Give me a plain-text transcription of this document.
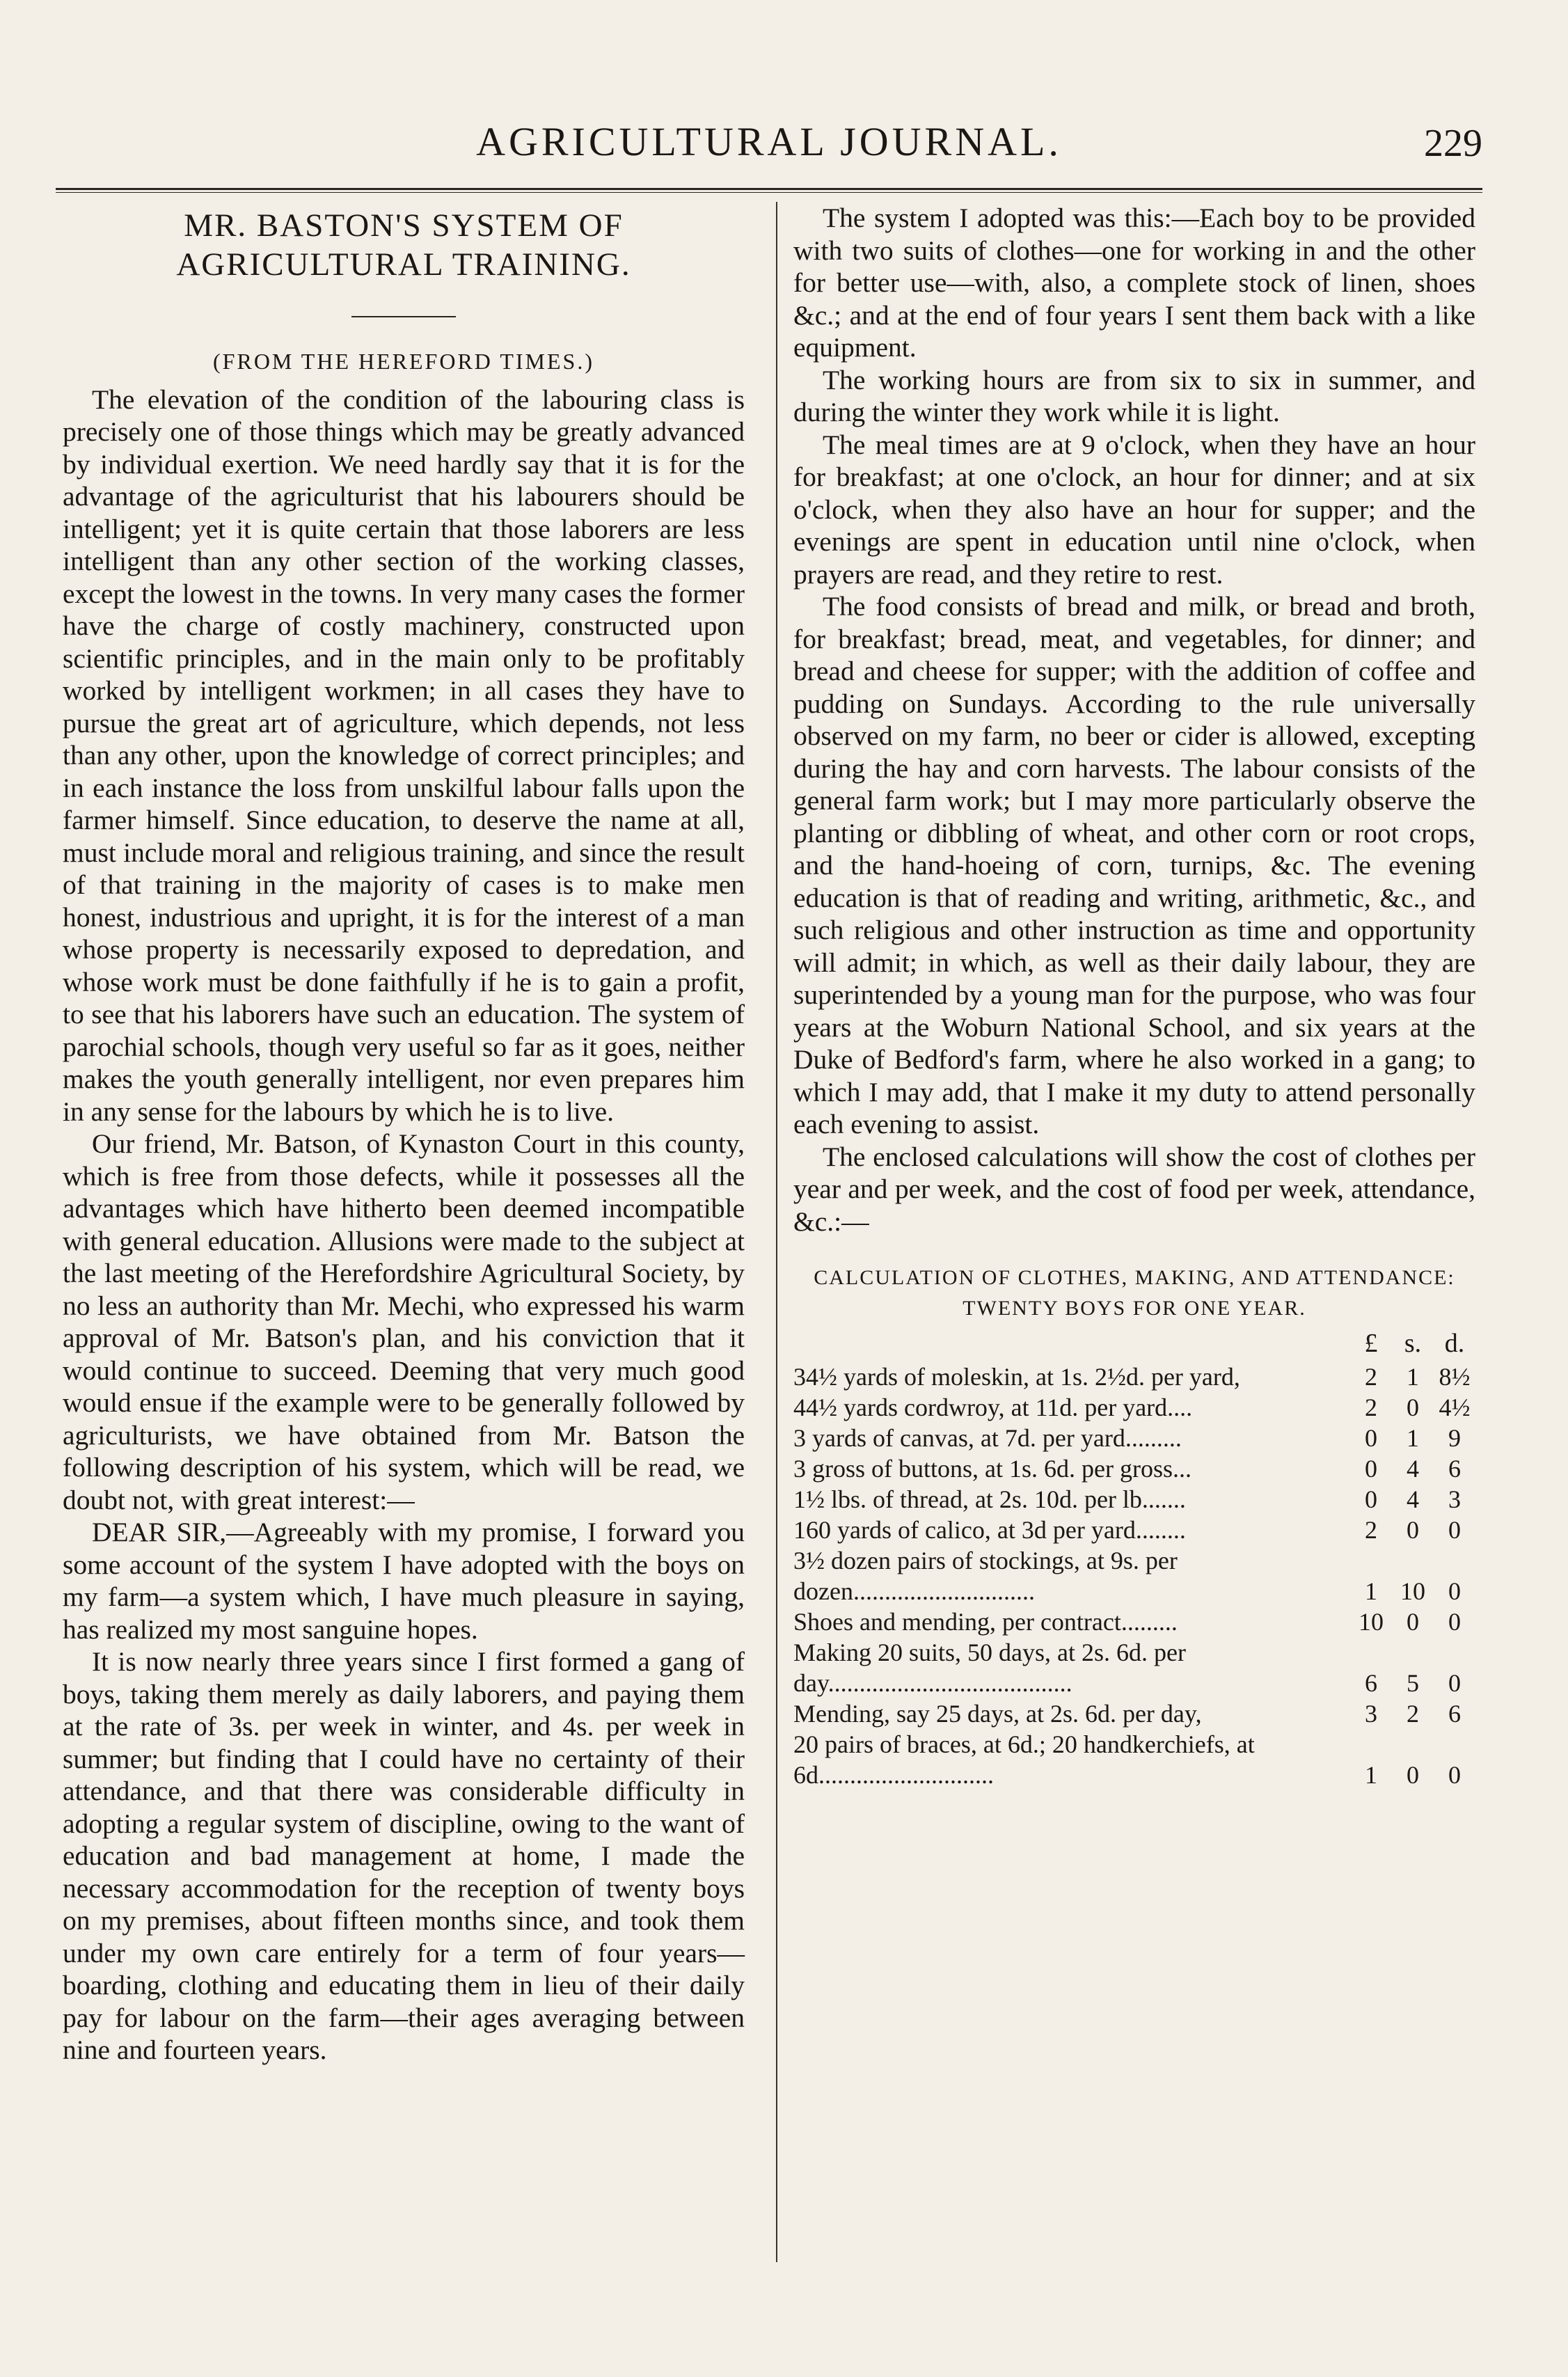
AGRICULTURAL JOURNAL.	229
MR. BASTON'S SYSTEM OF AGRICULTURAL TRAINING.
(FROM THE HEREFORD TIMES.)

The elevation of the condition of the labouring class is precisely one of those things which may be greatly advanced by individual exertion. We need hardly say that it is for the advantage of the agriculturist that his labourers should be intelligent; yet it is quite certain that those laborers are less intelligent than any other section of the working classes, except the lowest in the towns. In very many cases the former have the charge of costly machinery, constructed upon scientific principles, and in the main only to be profitably worked by intelligent workmen; in all cases they have to pursue the great art of agriculture, which depends, not less than any other, upon the knowledge of correct principles; and in each instance the loss from unskilful labour falls upon the farmer himself. Since education, to deserve the name at all, must include moral and religious training, and since the result of that training in the majority of cases is to make men honest, industrious and upright, it is for the interest of a man whose property is necessarily exposed to depredation, and whose work must be done faithfully if he is to gain a profit, to see that his laborers have such an education. The system of parochial schools, though very useful so far as it goes, neither makes the youth generally intelligent, nor even prepares him in any sense for the labours by which he is to live.

Our friend, Mr. Batson, of Kynaston Court in this county, which is free from those defects, while it possesses all the advantages which have hitherto been deemed incompatible with general education. Allusions were made to the subject at the last meeting of the Herefordshire Agricultural Society, by no less an authority than Mr. Mechi, who expressed his warm approval of Mr. Batson's plan, and his conviction that it would continue to succeed. Deeming that very much good would ensue if the example were to be generally followed by agriculturists, we have obtained from Mr. Batson the following description of his system, which will be read, we doubt not, with great interest:—

DEAR SIR,—Agreeably with my promise, I forward you some account of the system I have adopted with the boys on my farm—a system which, I have much pleasure in saying, has realized my most sanguine hopes.

It is now nearly three years since I first formed a gang of boys, taking them merely as daily laborers, and paying them at the rate of 3s. per week in winter, and 4s. per week in summer; but finding that I could have no certainty of their attendance, and that there was considerable difficulty in adopting a regular system of discipline, owing to the want of education and bad management at home, I made the necessary accommodation for the reception of twenty boys on my premises, about fifteen months since, and took them under my own care entirely for a term of four years—boarding, clothing and educating them in lieu of their daily pay for labour on the farm—their ages averaging between nine and fourteen years.

The system I adopted was this:—Each boy to be provided with two suits of clothes—one for working in and the other for better use—with, also, a complete stock of linen, shoes &c.; and at the end of four years I sent them back with a like equipment.

The working hours are from six to six in summer, and during the winter they work while it is light.

The meal times are at 9 o'clock, when they have an hour for breakfast; at one o'clock, an hour for dinner; and at six o'clock, when they also have an hour for supper; and the evenings are spent in education until nine o'clock, when prayers are read, and they retire to rest.

The food consists of bread and milk, or bread and broth, for breakfast; bread, meat, and vegetables, for dinner; and bread and cheese for supper; with the addition of coffee and pudding on Sundays. According to the rule universally observed on my farm, no beer or cider is allowed, excepting during the hay and corn harvests. The labour consists of the general farm work; but I may more particularly observe the planting or dibbling of wheat, and other corn or root crops, and the hand-hoeing of corn, turnips, &c. The evening education is that of reading and writing, arithmetic, &c., and such religious and other instruction as time and opportunity will admit; in which, as well as their daily labour, they are superintended by a young man for the purpose, who was four years at the Woburn National School, and six years at the Duke of Bedford's farm, where he also worked in a gang; to which I may add, that I make it my duty to attend personally each evening to assist.

The enclosed calculations will show the cost of clothes per year and per week, and the cost of food per week, attendance, &c.:—

CALCULATION OF CLOTHES, MAKING, AND ATTENDANCE: TWENTY BOYS FOR ONE YEAR.
£	s. d.
34½ yards of moleskin, at 1s. 2½d. per yard,	2	1	8½
44½ yards cordwroy, at 11d. per yard....	2	0	4½
3 yards of canvas, at 7d. per yard.........	0	1	9
3 gross of buttons, at 1s. 6d. per gross...	0	4	6
1½ lbs. of thread, at 2s. 10d. per lb.......	0	4	3
160 yards of calico, at 3d per yard........	2	0	0
3½ dozen pairs of stockings, at 9s. per dozen.............................	1	10	0
Shoes and mending, per contract.........	10	0	0
Making 20 suits, 50 days, at 2s. 6d. per day.......................................	6	5	0
Mending, say 25 days, at 2s. 6d. per day,	3	2	6
20 pairs of braces, at 6d.; 20 handkerchiefs, at 6d............................	1	0	0
